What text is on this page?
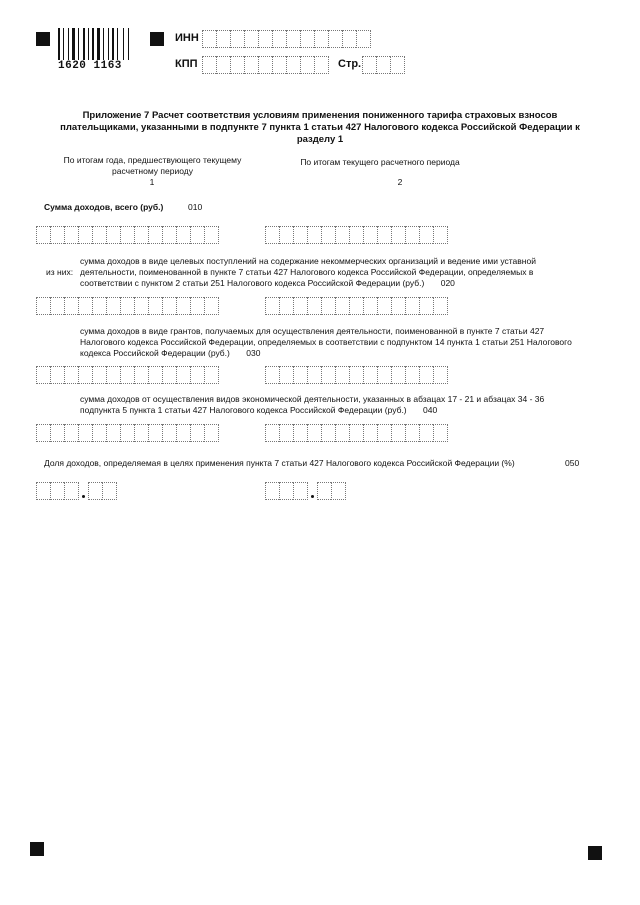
1620 1163
ИНН
КПП	Стр.
Приложение 7 Расчет соответствия условиям применения пониженного тарифа страховых взносов плательщиками, указанными в подпункте 7 пункта 1 статьи 427 Налогового кодекса Российской Федерации к разделу 1
По итогам года, предшествующего текущему расчетному периоду
1
По итогам текущего расчетного периода
2
Сумма доходов, всего (руб.)	010
из них:
сумма доходов в виде целевых поступлений на содержание некоммерческих организаций и ведение ими уставной деятельности, поименованной в пункте 7 статьи 427 Налогового кодекса Российской Федерации, определяемых в соответствии с пунктом 2 статьи 251 Налогового кодекса Российской Федерации (руб.) 020
сумма доходов в виде грантов, получаемых для осуществления деятельности, поименованной в пункте 7 статьи 427 Налогового кодекса Российской Федерации, определяемых в соответствии с подпунктом 14 пункта 1 статьи 251 Налогового кодекса Российской Федерации (руб.) 030
сумма доходов от осуществления видов экономической деятельности, указанных в абзацах 17 - 21 и абзацах 34 - 36 подпункта 5 пункта 1 статьи 427 Налогового кодекса Российской Федерации (руб.) 040
Доля доходов, определяемая в целях применения пункта 7 статьи 427 Налогового кодекса Российской Федерации (%)	050
